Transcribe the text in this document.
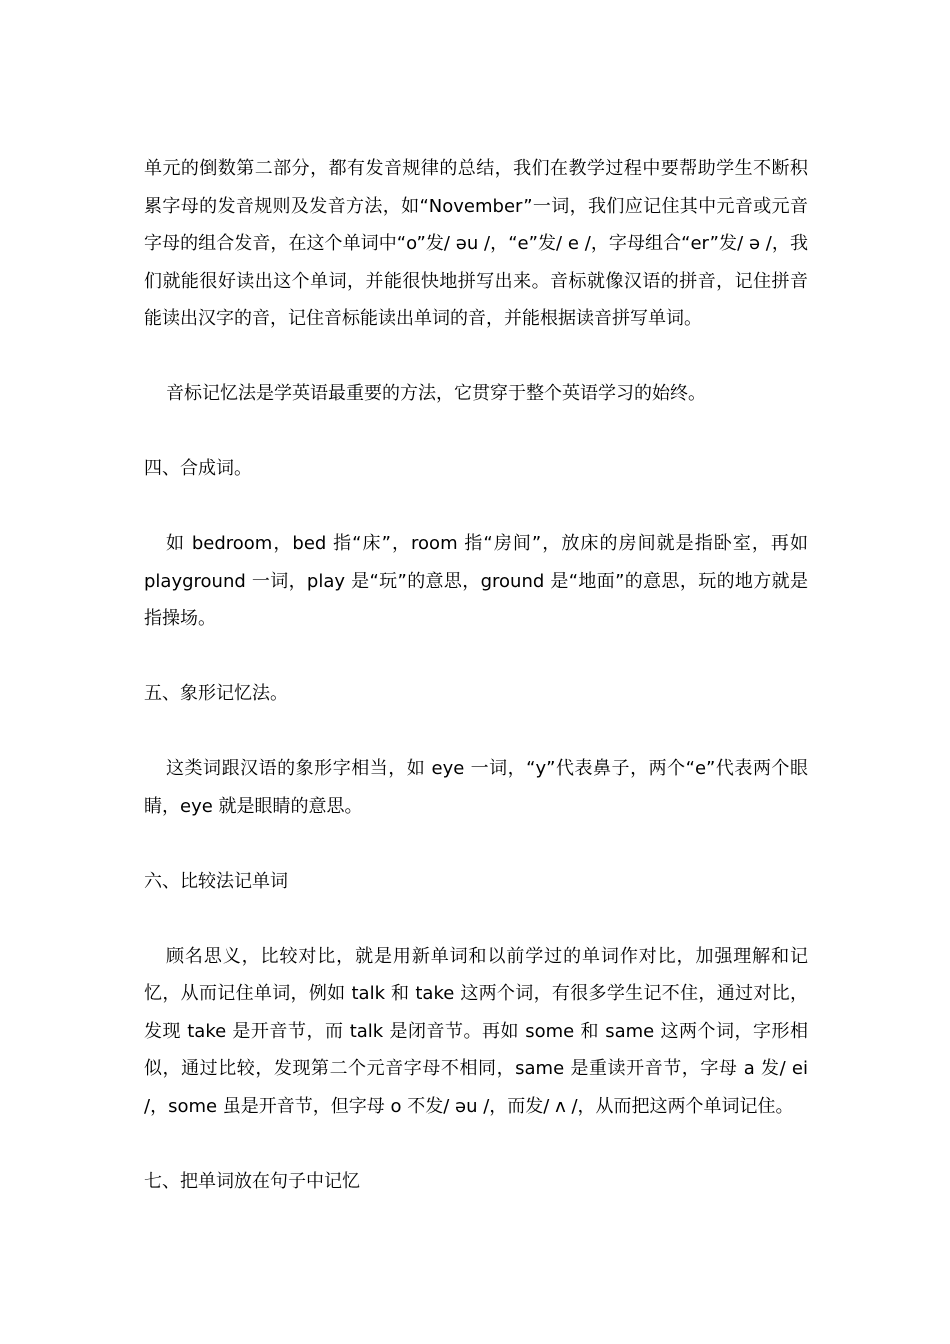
单元的倒数第二部分，都有发音规律的总结，我们在教学过程中要帮助学生不断积累字母的发音规则及发音方法，如“November”一词，我们应记住其中元音或元音字母的组合发音，在这个单词中“o”发/ əu /，“e”发/ e /，字母组合“er”发/ ə /，我们就能很好读出这个单词，并能很快地拼写出来。音标就像汉语的拼音，记住拼音能读出汉字的音，记住音标能读出单词的音，并能根据读音拼写单词。

音标记忆法是学英语最重要的方法，它贯穿于整个英语学习的始终。

四、合成词。

如 bedroom，bed 指“床”，room 指“房间”，放床的房间就是指卧室，再如 playground 一词，play 是“玩”的意思，ground 是“地面”的意思，玩的地方就是指操场。

五、象形记忆法。

这类词跟汉语的象形字相当，如 eye 一词，“y”代表鼻子，两个“e”代表两个眼睛，eye 就是眼睛的意思。

六、比较法记单词

顾名思义，比较对比，就是用新单词和以前学过的单词作对比，加强理解和记忆，从而记住单词，例如 talk 和 take 这两个词，有很多学生记不住，通过对比，发现 take 是开音节，而 talk 是闭音节。再如 some 和 same 这两个词，字形相似，通过比较，发现第二个元音字母不相同，same 是重读开音节，字母 a 发/ ei /，some 虽是开音节，但字母 o 不发/ əu /，而发/ ʌ /，从而把这两个单词记住。

七、把单词放在句子中记忆
